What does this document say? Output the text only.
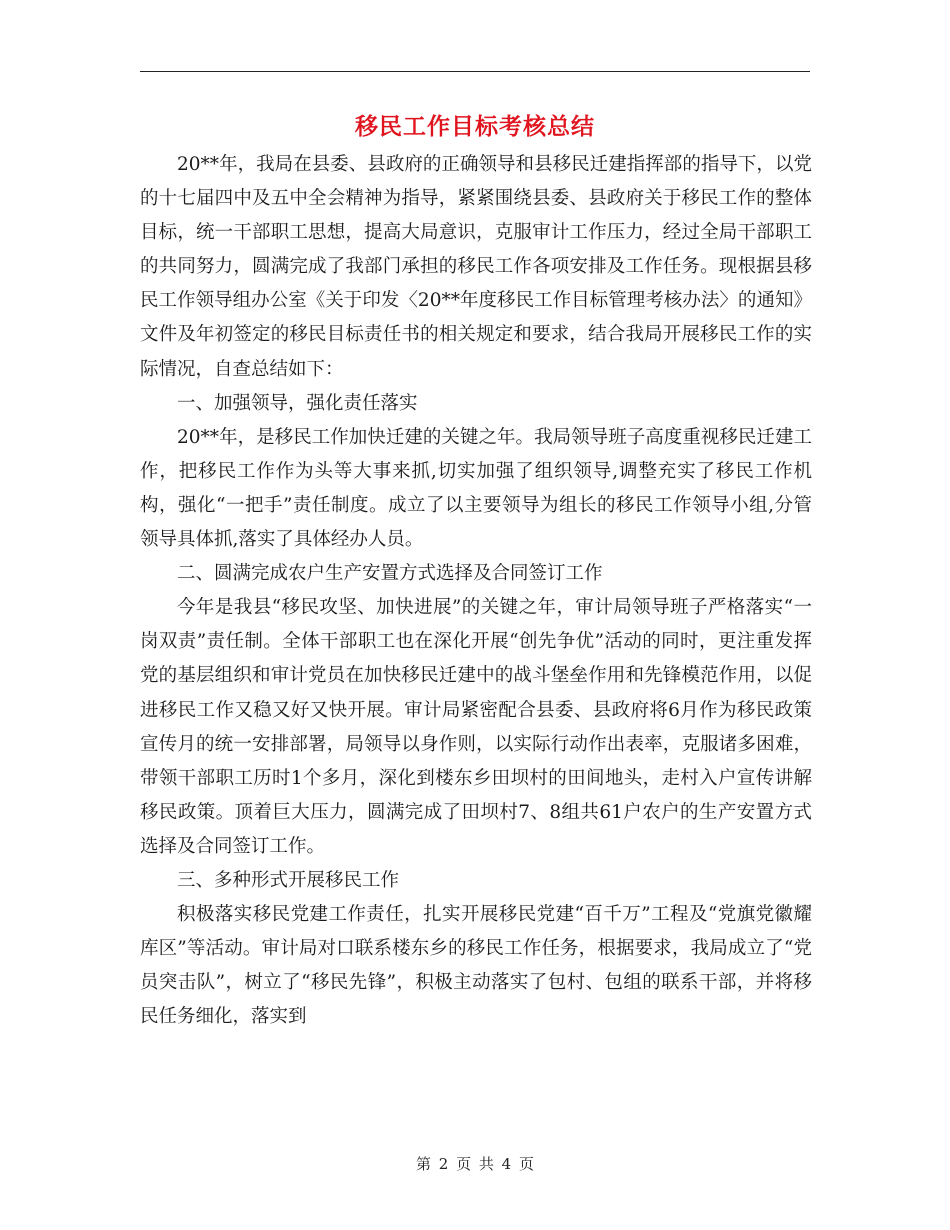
移民工作目标考核总结

20**年，我局在县委、县政府的正确领导和县移民迁建指挥部的指导下，以党的十七届四中及五中全会精神为指导，紧紧围绕县委、县政府关于移民工作的整体目标，统一干部职工思想，提高大局意识，克服审计工作压力，经过全局干部职工的共同努力，圆满完成了我部门承担的移民工作各项安排及工作任务。现根据县移民工作领导组办公室《关于印发〈20**年度移民工作目标管理考核办法〉的通知》文件及年初签定的移民目标责任书的相关规定和要求，结合我局开展移民工作的实际情况，自查总结如下：

一、加强领导，强化责任落实

20**年，是移民工作加快迁建的关键之年。我局领导班子高度重视移民迁建工作，把移民工作作为头等大事来抓,切实加强了组织领导,调整充实了移民工作机构，强化“一把手”责任制度。成立了以主要领导为组长的移民工作领导小组,分管领导具体抓,落实了具体经办人员。

二、圆满完成农户生产安置方式选择及合同签订工作

今年是我县“移民攻坚、加快进展”的关键之年，审计局领导班子严格落实“一岗双责”责任制。全体干部职工也在深化开展“创先争优”活动的同时，更注重发挥党的基层组织和审计党员在加快移民迁建中的战斗堡垒作用和先锋模范作用，以促进移民工作又稳又好又快开展。审计局紧密配合县委、县政府将6月作为移民政策宣传月的统一安排部署，局领导以身作则，以实际行动作出表率，克服诸多困难，带领干部职工历时1个多月，深化到楼东乡田坝村的田间地头，走村入户宣传讲解移民政策。顶着巨大压力，圆满完成了田坝村7、8组共61户农户的生产安置方式选择及合同签订工作。

三、多种形式开展移民工作

积极落实移民党建工作责任，扎实开展移民党建“百千万”工程及“党旗党徽耀库区”等活动。审计局对口联系楼东乡的移民工作任务，根据要求，我局成立了“党员突击队”，树立了“移民先锋”，积极主动落实了包村、包组的联系干部，并将移民任务细化，落实到

第 2 页 共 4 页
